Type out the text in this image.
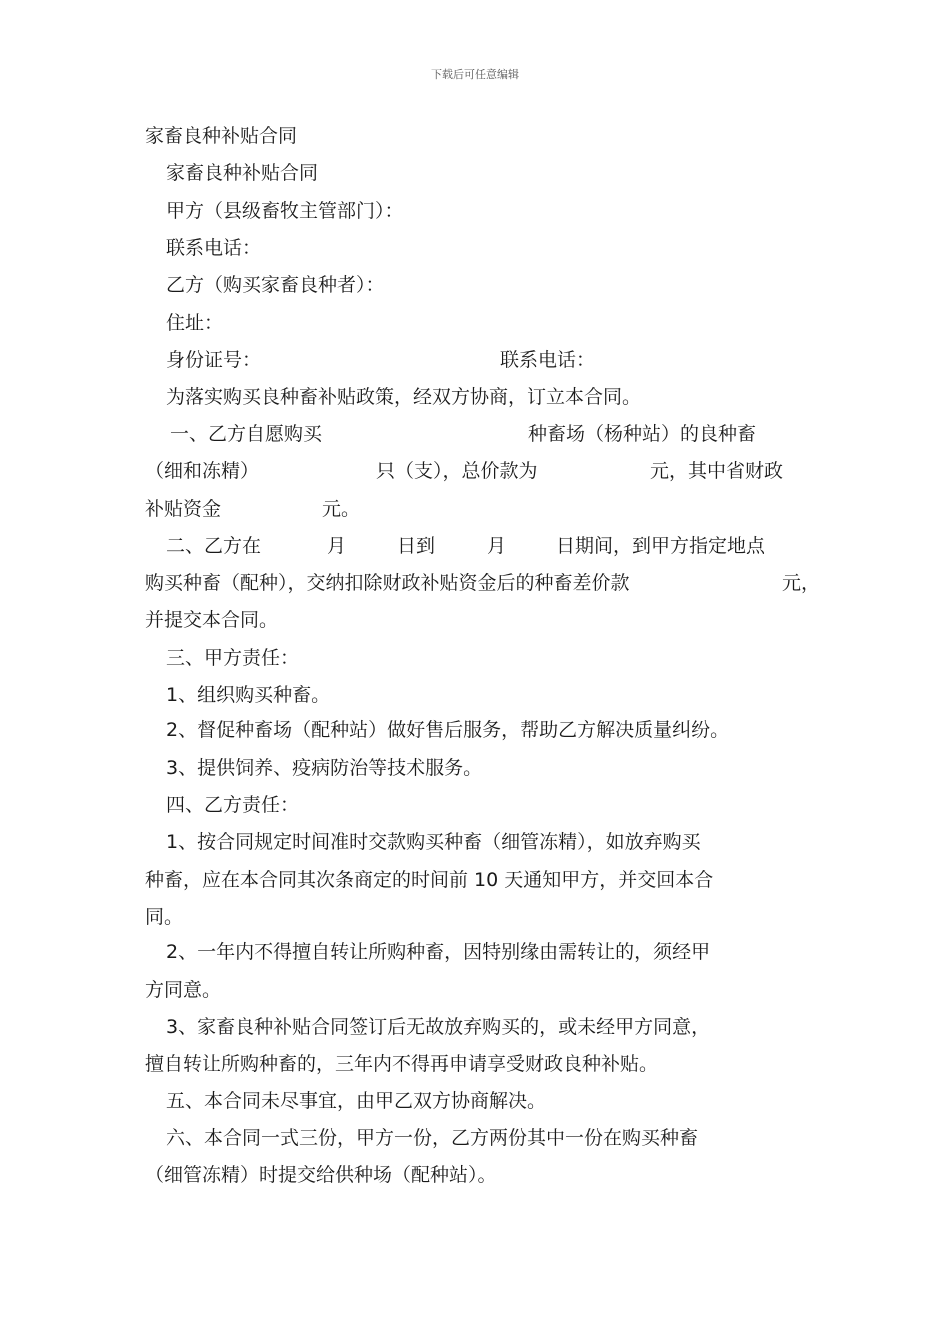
下载后可任意编辑
家畜良种补贴合同
家畜良种补贴合同
甲方（县级畜牧主管部门）：
联系电话：
乙方（购买家畜良种者）：
住址：
身份证号：	联系电话：
为落实购买良种畜补贴政策，经双方协商，订立本合同。
一、乙方自愿购买	种畜场（杨种站）的良种畜
（细和冻精）	只（支），总价款为	元，其中省财政
补贴资金	元。
二、乙方在	月	日到	月	日期间，到甲方指定地点
购买种畜（配种），交纳扣除财政补贴资金后的种畜差价款	元，
并提交本合同。
三、甲方责任：
1、组织购买种畜。
2、督促种畜场（配种站）做好售后服务，帮助乙方解决质量纠纷。
3、提供饲养、疫病防治等技术服务。
四、乙方责任：
1、按合同规定时间准时交款购买种畜（细管冻精），如放弃购买
种畜，应在本合同其次条商定的时间前 10 天通知甲方，并交回本合
同。
2、一年内不得擅自转让所购种畜，因特别缘由需转让的，须经甲
方同意。
3、家畜良种补贴合同签订后无故放弃购买的，或未经甲方同意，
擅自转让所购种畜的，三年内不得再申请享受财政良种补贴。
五、本合同未尽事宜，由甲乙双方协商解决。
六、本合同一式三份，甲方一份，乙方两份其中一份在购买种畜
（细管冻精）时提交给供种场（配种站）。
